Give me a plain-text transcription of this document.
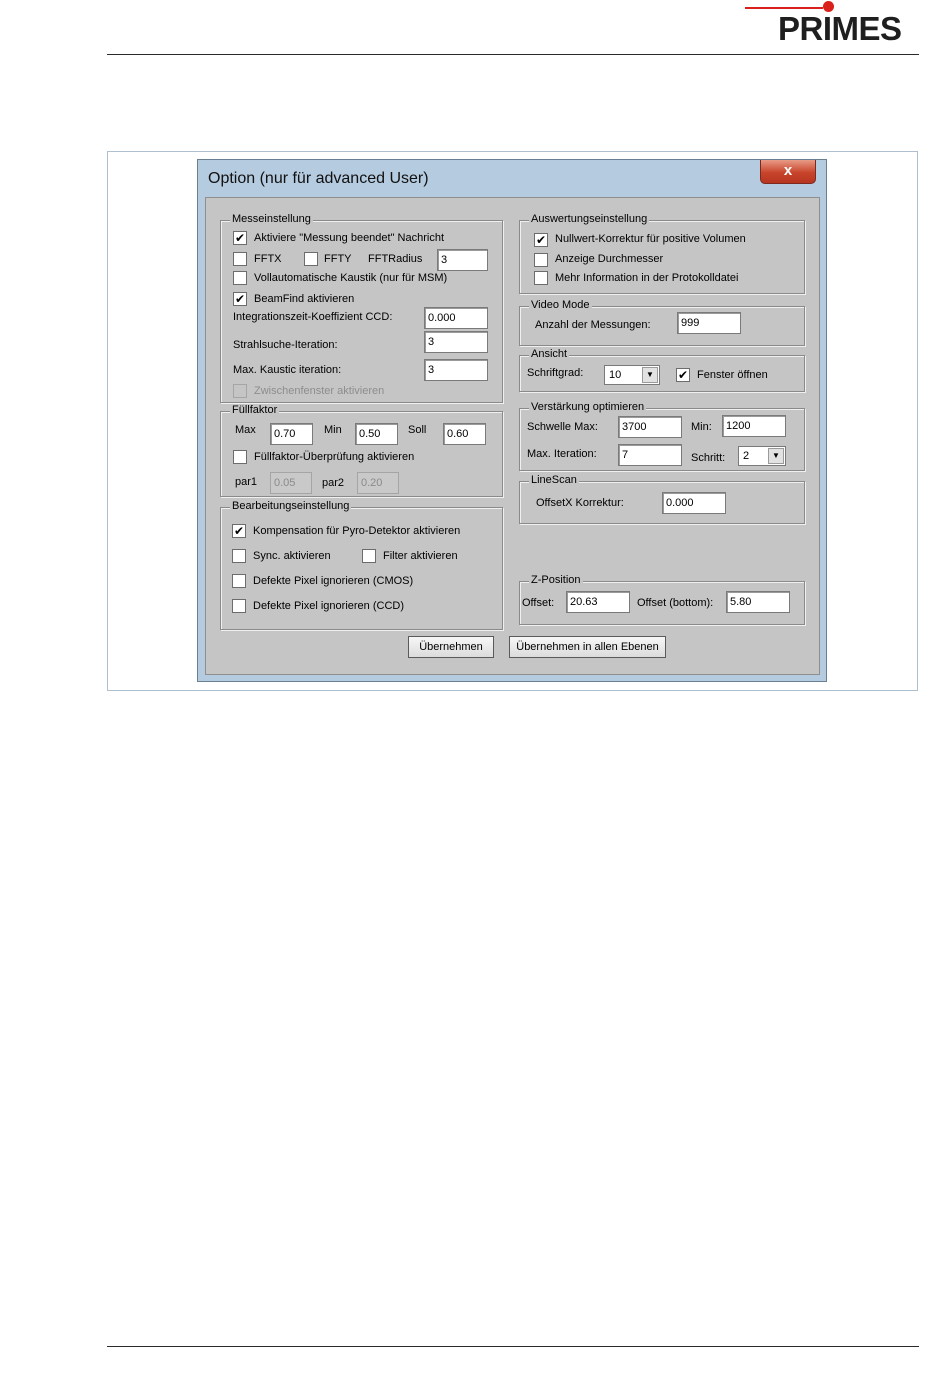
PRIMES
Option (nur für advanced User)	x
Messeinstellung
✔ Aktiviere "Messung beendet" Nachricht
FFTX	FFTY FFTRadius	3
Vollautomatische Kaustik (nur für MSM)
✔ BeamFind aktivieren
Integrationszeit-Koeffizient CCD:	0.000
Strahlsuche-Iteration:	3
Max. Kaustic iteration:	3
Zwischenfenster aktivieren
Füllfaktor
Max	0.70	Min	0.50	Soll	0.60
Füllfaktor-Überprüfung aktivieren
par1	0.05	par2	0.20
Bearbeitungseinstellung
✔ Kompensation für Pyro-Detektor aktivieren
Sync. aktivieren	Filter aktivieren
Defekte Pixel ignorieren (CMOS)
Defekte Pixel ignorieren (CCD)
Auswertungseinstellung
✔ Nullwert-Korrektur für positive Volumen
Anzeige Durchmesser
Mehr Information in der Protokolldatei
Video Mode
Anzahl der Messungen:	999
Ansicht
Schriftgrad:	10	▼	✔ Fenster öffnen
Verstärkung optimieren
Schwelle Max:	3700	Min:	1200
Max. Iteration:	7	Schritt:	2	▼
LineScan
OffsetX Korrektur:	0.000
Z-Position
Offset:	20.63	Offset (bottom):	5.80
Übernehmen	Übernehmen in allen Ebenen
